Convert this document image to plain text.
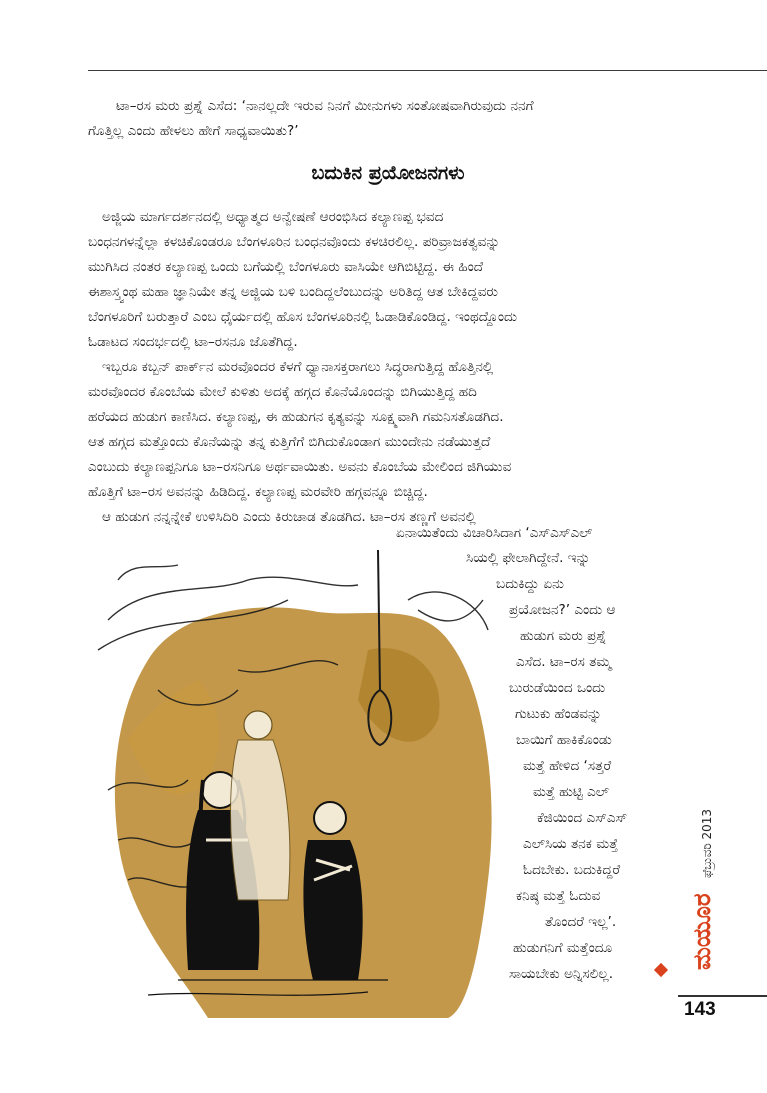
ಟಾ–ರಸ ಮರು ಪ್ರಶ್ನೆ ಎಸೆದ: ‘ನಾನಲ್ಲದೇ ಇರುವ ನಿನಗೆ ಮೀನುಗಳು ಸಂತೋಷವಾಗಿರುವುದು ನನಗೆ
ಗೊತ್ತಿಲ್ಲ ಎಂದು ಹೇಳಲು ಹೇಗೆ ಸಾಧ್ಯವಾಯಿತು?’
ಬದುಕಿನ ಪ್ರಯೋಜನಗಳು
ಅಜ್ಜಿಯ ಮಾರ್ಗದರ್ಶನದಲ್ಲಿ ಅಧ್ಯಾತ್ಮದ ಅನ್ವೇಷಣೆ ಆರಂಭಿಸಿದ ಕಲ್ಯಾಣಪ್ಪ ಭವದ
ಬಂಧನಗಳನ್ನೆಲ್ಲಾ ಕಳಚಿಕೊಂಡರೂ ಬೆಂಗಳೂರಿನ ಬಂಧನವೊಂದು ಕಳಚಿರಲಿಲ್ಲ. ಪರಿವ್ರಾಜಕತ್ವವನ್ನು
ಮುಗಿಸಿದ ನಂತರ ಕಲ್ಯಾಣಪ್ಪ ಒಂದು ಬಗೆಯಲ್ಲಿ ಬೆಂಗಳೂರು ವಾಸಿಯೇ ಆಗಿಬಿಟ್ಟಿದ್ದ. ಈ ಹಿಂದೆ
ಈಶಾಸ್ತ್ವಂಥ ಮಹಾ ಜ್ಞಾನಿಯೇ ತನ್ನ ಅಜ್ಜಿಯ ಬಳಿ ಬಂದಿದ್ದಲೆಂಬುದನ್ನು ಅರಿತಿದ್ದ ಆತ ಬೇಕಿದ್ದವರು
ಬೆಂಗಳೂರಿಗೆ ಬರುತ್ತಾರೆ ಎಂಬ ಧೈರ್ಯದಲ್ಲಿ ಹೊಸ ಬೆಂಗಳೂರಿನಲ್ಲಿ ಓಡಾಡಿಕೊಂಡಿದ್ದ. ಇಂಥದ್ದೊಂದು
ಓಡಾಟದ ಸಂದರ್ಭದಲ್ಲಿ ಟಾ–ರಸನೂ ಜೊತೆಗಿದ್ದ.
ಇಬ್ಬರೂ ಕಬ್ಬನ್ ಪಾರ್ಕ್‌ನ ಮರವೊಂದರ ಕೆಳಗೆ ಧ್ಯಾನಾಸಕ್ತರಾಗಲು ಸಿದ್ಧರಾಗುತ್ತಿದ್ದ ಹೊತ್ತಿನಲ್ಲಿ
ಮರವೊಂದರ ಕೊಂಬೆಯ ಮೇಲೆ ಕುಳಿತು ಅದಕ್ಕೆ ಹಗ್ಗದ ಕೊನೆಯೊಂದನ್ನು ಬಿಗಿಯುತ್ತಿದ್ದ ಹದಿ
ಹರೆಯದ ಹುಡುಗ ಕಾಣಿಸಿದ. ಕಲ್ಯಾಣಪ್ಪ, ಈ ಹುಡುಗನ ಕೃತ್ಯವನ್ನು ಸೂಕ್ಷ್ಮವಾಗಿ ಗಮನಿಸತೊಡಗಿದ.
ಆತ ಹಗ್ಗದ ಮತ್ತೊಂದು ಕೊನೆಯನ್ನು ತನ್ನ ಕುತ್ತಿಗೆಗೆ ಬಿಗಿದುಕೊಂಡಾಗ ಮುಂದೇನು ನಡೆಯುತ್ತದೆ
ಎಂಬುದು ಕಲ್ಯಾಣಪ್ಪನಿಗೂ ಟಾ–ರಸನಿಗೂ ಅರ್ಥವಾಯಿತು. ಅವನು ಕೊಂಬೆಯ ಮೇಲಿಂದ ಜಿಗಿಯುವ
ಹೊತ್ತಿಗೆ ಟಾ–ರಸ ಅವನನ್ನು ಹಿಡಿದಿದ್ದ. ಕಲ್ಯಾಣಪ್ಪ ಮರವೇರಿ ಹಗ್ಗವನ್ನೂ ಬಿಚ್ಚಿದ್ದ.
ಆ ಹುಡುಗ ನನ್ನನ್ನೇಕೆ ಉಳಿಸಿದಿರಿ ಎಂದು ಕಿರುಚಾಡ ತೊಡಗಿದ. ಟಾ–ರಸ ತಣ್ಣಗೆ ಅವನಲ್ಲಿ
ಏನಾಯಿತೆಂದು ವಿಚಾರಿಸಿದಾಗ ‘ಎಸ್‌ಎಸ್‌ಎಲ್
ಸಿಯಲ್ಲಿ ಫೇಲಾಗಿದ್ದೇನೆ. ಇನ್ನು
ಬದುಕಿದ್ದು ಏನು
ಪ್ರಯೋಜನ?’ ಎಂದು ಆ
ಹುಡುಗ ಮರು ಪ್ರಶ್ನೆ
ಎಸೆದ. ಟಾ–ರಸ ತಮ್ಮ
ಬುರುಡೆಯಿಂದ ಒಂದು
ಗುಟುಕು ಹೆಂಡವನ್ನು
ಬಾಯಿಗೆ ಹಾಕಿಕೊಂಡು
ಮತ್ತೆ ಹೇಳಿದ ‘ಸತ್ತರೆ
ಮತ್ತೆ ಹುಟ್ಟಿ ಎಲ್
ಕೆಜಿಯಿಂದ ಎಸ್‌ಎಸ್
ಎಲ್‌ಸಿಯ ತನಕ ಮತ್ತೆ
ಓದಬೇಕು. ಬದುಕಿದ್ದರೆ
ಕನಿಷ್ಠ ಮತ್ತೆ ಓದುವ
ತೊಂದರೆ ಇಲ್ಲ’.
ಹುಡುಗನಿಗೆ ಮತ್ತೆಂದೂ
ಸಾಯಬೇಕು ಅನ್ನಿಸಲಿಲ್ಲ.
ಫೆಬ್ರುವರಿ 2013
ಮಯೂರ
143
